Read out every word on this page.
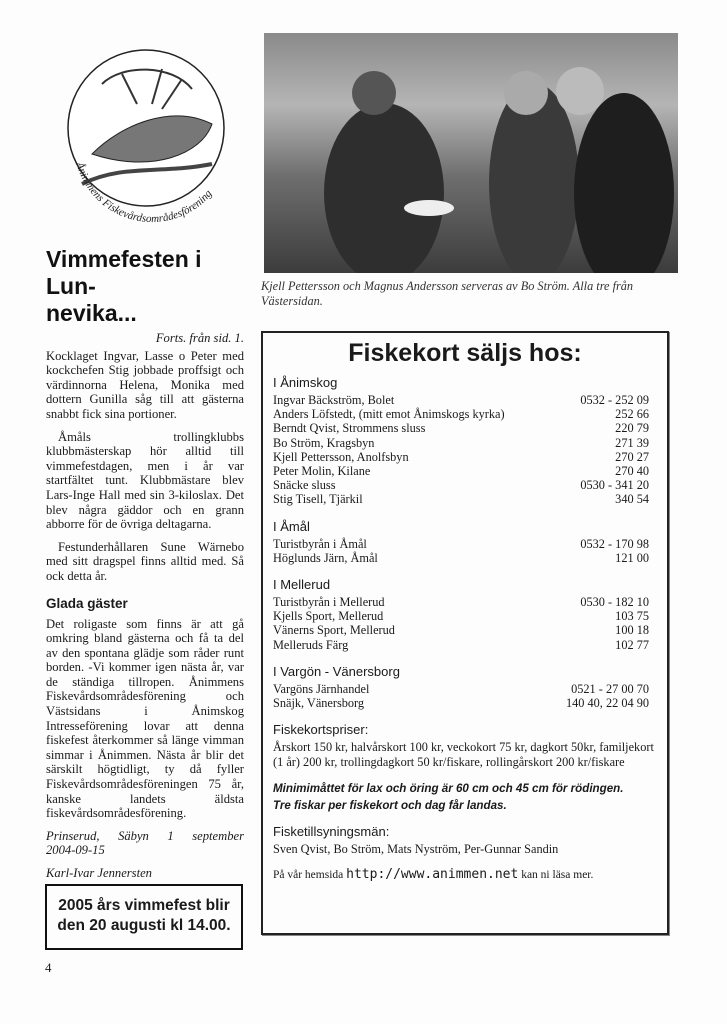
Ånimmens Fiskevårdsområdesförening
Kjell Pettersson och Magnus Andersson serveras av Bo Ström. Alla tre från Västersidan.
Vimmefesten i Lun-
nevika...
Forts. från sid. 1.

Kocklaget Ingvar, Lasse o Peter med kockchefen Stig jobbade proffsigt och värdinnorna Helena, Monika med dottern Gunilla såg till att gästerna snabbt fick sina portioner.

Åmåls trollingklubbs klubbmästerskap hör alltid till vimmefestdagen, men i år var startfältet tunt. Klubbmästare blev Lars-Inge Hall med sin 3-kiloslax. Det blev några gäddor och en grann abborre för de övriga deltagarna.

Festunderhållaren Sune Wärnebo med sitt dragspel finns alltid med. Så ock detta år.

Glada gäster

Det roligaste som finns är att gå omkring bland gästerna och få ta del av den spontana glädje som råder runt borden. -Vi kommer igen nästa år, var de ständiga tillropen. Ånimmens Fiskevårdsområdesförening och Västsidans i Ånimskog Intresseförening lovar att denna fiskefest återkommer så länge vimman simmar i Ånimmen. Nästa år blir det särskilt högtidligt, ty då fyller Fiskevårdsområdesföreningen 75 år, kanske landets äldsta fiskevårdsområdesförening.

Prinserud, Säbyn 1 september 2004-09-15

Karl-Ivar Jennersten

Fiskekort säljs hos:
I Ånimskog
Ingvar Bäckström, Bolet	0532 - 252 09
Anders Löfstedt, (mitt emot Ånimskogs kyrka)	252 66
Berndt Qvist, Strommens sluss	220 79
Bo Ström, Kragsbyn	271 39
Kjell Pettersson, Anolfsbyn	270 27
Peter Molin, Kilane	270 40
Snäcke sluss	0530 - 341 20
Stig Tisell, Tjärkil	340 54
I Åmål
Turistbyrån i Åmål	0532 - 170 98
Höglunds Järn, Åmål	121 00
I Mellerud
Turistbyrån i Mellerud	0530 - 182 10
Kjells Sport, Mellerud	103 75
Vänerns Sport, Mellerud	100 18
Melleruds Färg	102 77
I Vargön - Vänersborg
Vargöns Järnhandel	0521 - 27 00 70
Snäjk, Vänersborg	140 40, 22 04 90
Fiskekortspriser:
Årskort 150 kr, halvårskort 100 kr, veckokort 75 kr, dagkort 50kr, familjekort (1 år) 200 kr, trollingdagkort 50 kr/fiskare, rollingårskort 200 kr/fiskare
Minimimåttet för lax och öring är 60 cm och 45 cm för rödingen.
Tre fiskar per fiskekort och dag får landas.
Fisketillsyningsmän:
Sven Qvist, Bo Ström, Mats Nyström, Per-Gunnar Sandin
På vår hemsida http://www.animmen.net kan ni läsa mer.
2005 års vimmefest blir
den 20 augusti kl 14.00.
4
